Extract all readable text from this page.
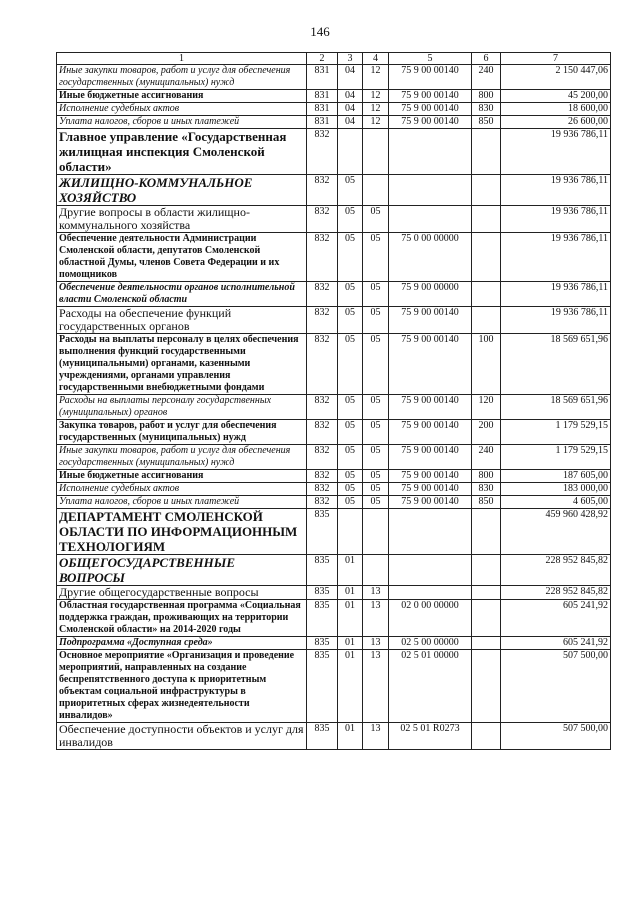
146
1	2	3	4	5	6	7
Иные закупки товаров, работ и услуг для обеспечения государственных (муниципальных) нужд	831	04	12	75 9 00 00140	240	2 150 447,06
Иные бюджетные ассигнования	831	04	12	75 9 00 00140	800	45 200,00
Исполнение судебных актов	831	04	12	75 9 00 00140	830	18 600,00
Уплата налогов, сборов и иных платежей	831	04	12	75 9 00 00140	850	26 600,00
Главное управление «Государственная жилищная инспекция Смоленской области»	832					19 936 786,11
ЖИЛИЩНО-КОММУНАЛЬНОЕ ХОЗЯЙСТВО	832	05				19 936 786,11
Другие вопросы в области жилищно-коммунального хозяйства	832	05	05			19 936 786,11
Обеспечение деятельности Администрации Смоленской области, депутатов Смоленской областной Думы, членов Совета Федерации и их помощников	832	05	05	75 0 00 00000		19 936 786,11
Обеспечение деятельности органов исполнительной власти Смоленской области	832	05	05	75 9 00 00000		19 936 786,11
Расходы на обеспечение функций государственных органов	832	05	05	75 9 00 00140		19 936 786,11
Расходы на выплаты персоналу в целях обеспечения выполнения функций государственными (муниципальными) органами, казенными учреждениями, органами управления государственными внебюджетными фондами	832	05	05	75 9 00 00140	100	18 569 651,96
Расходы на выплаты персоналу государственных (муниципальных) органов	832	05	05	75 9 00 00140	120	18 569 651,96
Закупка товаров, работ и услуг для обеспечения государственных (муниципальных) нужд	832	05	05	75 9 00 00140	200	1 179 529,15
Иные закупки товаров, работ и услуг для обеспечения государственных (муниципальных) нужд	832	05	05	75 9 00 00140	240	1 179 529,15
Иные бюджетные ассигнования	832	05	05	75 9 00 00140	800	187 605,00
Исполнение судебных актов	832	05	05	75 9 00 00140	830	183 000,00
Уплата налогов, сборов и иных платежей	832	05	05	75 9 00 00140	850	4 605,00
ДЕПАРТАМЕНТ СМОЛЕНСКОЙ ОБЛАСТИ ПО ИНФОРМАЦИОННЫМ ТЕХНОЛОГИЯМ	835					459 960 428,92
ОБЩЕГОСУДАРСТВЕННЫЕ ВОПРОСЫ	835	01				228 952 845,82
Другие общегосударственные вопросы	835	01	13			228 952 845,82
Областная государственная программа «Социальная поддержка граждан, проживающих на территории Смоленской области» на 2014-2020 годы	835	01	13	02 0 00 00000		605 241,92
Подпрограмма «Доступная среда»	835	01	13	02 5 00 00000		605 241,92
Основное мероприятие «Организация и проведение мероприятий, направленных на создание беспрепятственного доступа к приоритетным объектам социальной инфраструктуры в приоритетных сферах жизнедеятельности инвалидов»	835	01	13	02 5 01 00000		507 500,00
Обеспечение доступности объектов и услуг для инвалидов	835	01	13	02 5 01 R0273		507 500,00
